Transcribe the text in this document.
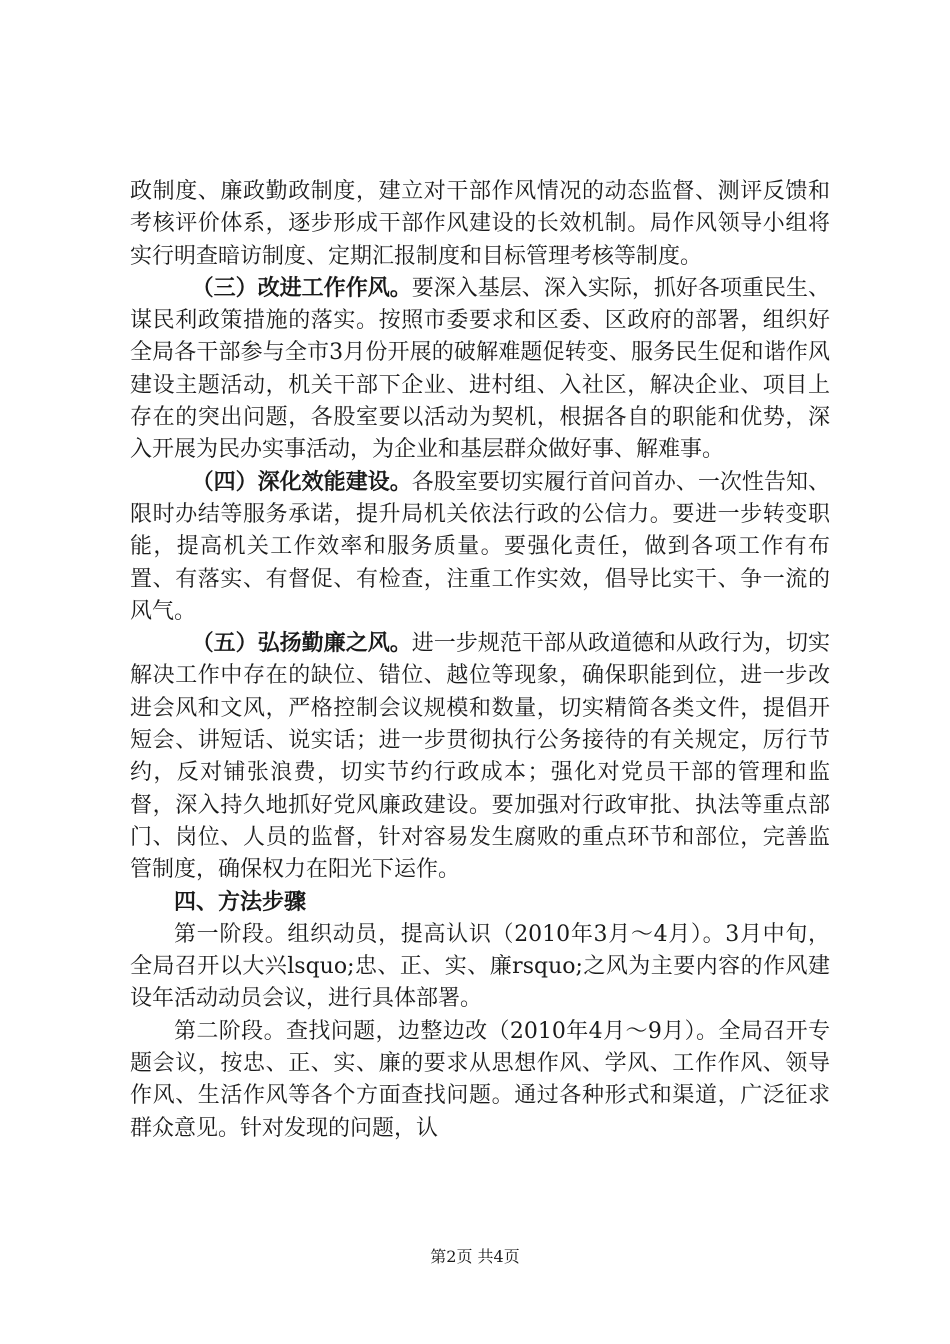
政制度、廉政勤政制度，建立对干部作风情况的动态监督、测评反馈和考核评价体系，逐步形成干部作风建设的长效机制。局作风领导小组将实行明查暗访制度、定期汇报制度和目标管理考核等制度。

（三）改进工作作风。要深入基层、深入实际，抓好各项重民生、谋民利政策措施的落实。按照市委要求和区委、区政府的部署，组织好全局各干部参与全市3月份开展的破解难题促转变、服务民生促和谐作风建设主题活动，机关干部下企业、进村组、入社区，解决企业、项目上存在的突出问题，各股室要以活动为契机，根据各自的职能和优势，深入开展为民办实事活动，为企业和基层群众做好事、解难事。

（四）深化效能建设。各股室要切实履行首问首办、一次性告知、限时办结等服务承诺，提升局机关依法行政的公信力。要进一步转变职能，提高机关工作效率和服务质量。要强化责任，做到各项工作有布置、有落实、有督促、有检查，注重工作实效，倡导比实干、争一流的风气。

（五）弘扬勤廉之风。进一步规范干部从政道德和从政行为，切实解决工作中存在的缺位、错位、越位等现象，确保职能到位，进一步改进会风和文风，严格控制会议规模和数量，切实精简各类文件，提倡开短会、讲短话、说实话；进一步贯彻执行公务接待的有关规定，厉行节约，反对铺张浪费，切实节约行政成本；强化对党员干部的管理和监督，深入持久地抓好党风廉政建设。要加强对行政审批、执法等重点部门、岗位、人员的监督，针对容易发生腐败的重点环节和部位，完善监管制度，确保权力在阳光下运作。

四、方法步骤

第一阶段。组织动员，提高认识（2010年3月～4月）。3月中旬，全局召开以大兴lsquo;忠、正、实、廉rsquo;之风为主要内容的作风建设年活动动员会议，进行具体部署。

第二阶段。查找问题，边整边改（2010年4月～9月）。全局召开专题会议，按忠、正、实、廉的要求从思想作风、学风、工作作风、领导作风、生活作风等各个方面查找问题。通过各种形式和渠道，广泛征求群众意见。针对发现的问题，认

第2页 共4页
